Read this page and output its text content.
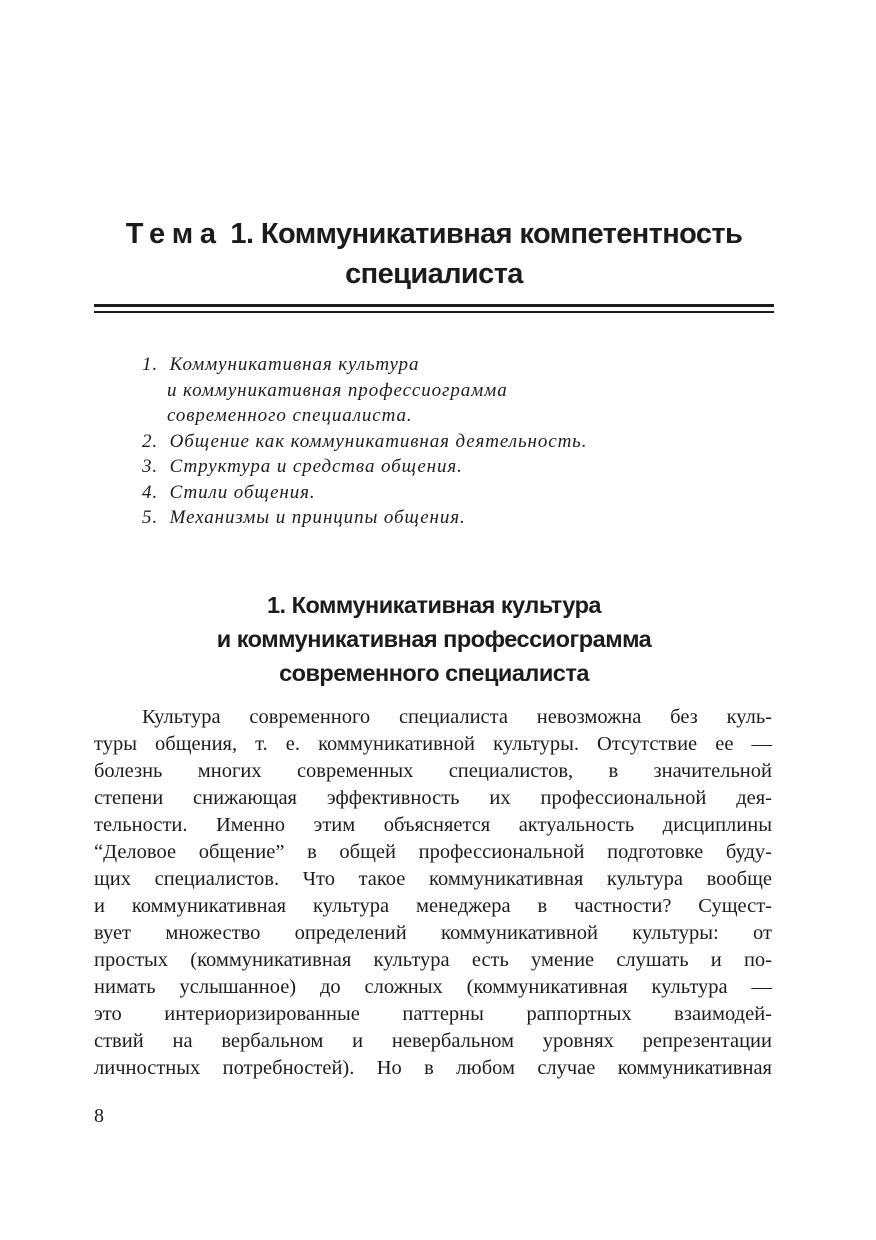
Тема 1. Коммуникативная компетентность
специалиста
1. Коммуникативная культура
и коммуникативная профессиограмма
современного специалиста.
2. Общение как коммуникативная деятельность.
3. Структура и средства общения.
4. Стили общения.
5. Механизмы и принципы общения.
1. Коммуникативная культура
и коммуникативная профессиограмма
современного специалиста

Культура современного специалиста невозможна без куль-
туры общения, т. е. коммуникативной культуры. Отсутствие ее —
болезнь многих современных специалистов, в значительной
степени снижающая эффективность их профессиональной дея-
тельности. Именно этим объясняется актуальность дисциплины
“Деловое общение” в общей профессиональной подготовке буду-
щих специалистов. Что такое коммуникативная культура вообще
и коммуникативная культура менеджера в частности? Сущест-
вует множество определений коммуникативной культуры: от
простых (коммуникативная культура есть умение слушать и по-
нимать услышанное) до сложных (коммуникативная культура —
это интериоризированные паттерны раппортных взаимодей-
ствий на вербальном и невербальном уровнях репрезентации
личностных потребностей). Но в любом случае коммуникативная

8
